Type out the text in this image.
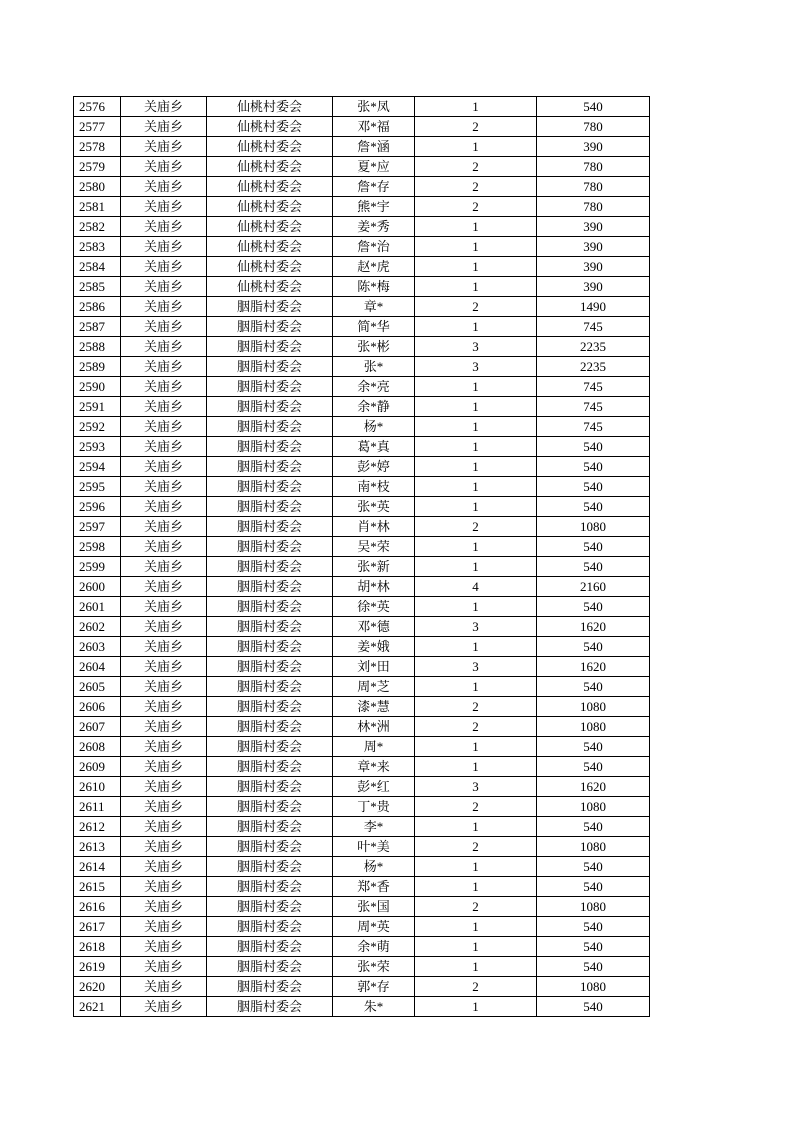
2576	关庙乡	仙桃村委会	张*凤	1	540
2577	关庙乡	仙桃村委会	邓*福	2	780
2578	关庙乡	仙桃村委会	詹*涵	1	390
2579	关庙乡	仙桃村委会	夏*应	2	780
2580	关庙乡	仙桃村委会	詹*存	2	780
2581	关庙乡	仙桃村委会	熊*宇	2	780
2582	关庙乡	仙桃村委会	姜*秀	1	390
2583	关庙乡	仙桃村委会	詹*治	1	390
2584	关庙乡	仙桃村委会	赵*虎	1	390
2585	关庙乡	仙桃村委会	陈*梅	1	390
2586	关庙乡	胭脂村委会	章*	2	1490
2587	关庙乡	胭脂村委会	简*华	1	745
2588	关庙乡	胭脂村委会	张*彬	3	2235
2589	关庙乡	胭脂村委会	张*	3	2235
2590	关庙乡	胭脂村委会	余*亮	1	745
2591	关庙乡	胭脂村委会	余*静	1	745
2592	关庙乡	胭脂村委会	杨*	1	745
2593	关庙乡	胭脂村委会	葛*真	1	540
2594	关庙乡	胭脂村委会	彭*婷	1	540
2595	关庙乡	胭脂村委会	南*枝	1	540
2596	关庙乡	胭脂村委会	张*英	1	540
2597	关庙乡	胭脂村委会	肖*林	2	1080
2598	关庙乡	胭脂村委会	吴*荣	1	540
2599	关庙乡	胭脂村委会	张*新	1	540
2600	关庙乡	胭脂村委会	胡*林	4	2160
2601	关庙乡	胭脂村委会	徐*英	1	540
2602	关庙乡	胭脂村委会	邓*德	3	1620
2603	关庙乡	胭脂村委会	姜*娥	1	540
2604	关庙乡	胭脂村委会	刘*田	3	1620
2605	关庙乡	胭脂村委会	周*芝	1	540
2606	关庙乡	胭脂村委会	漆*慧	2	1080
2607	关庙乡	胭脂村委会	林*洲	2	1080
2608	关庙乡	胭脂村委会	周*	1	540
2609	关庙乡	胭脂村委会	章*来	1	540
2610	关庙乡	胭脂村委会	彭*红	3	1620
2611	关庙乡	胭脂村委会	丁*贵	2	1080
2612	关庙乡	胭脂村委会	李*	1	540
2613	关庙乡	胭脂村委会	叶*美	2	1080
2614	关庙乡	胭脂村委会	杨*	1	540
2615	关庙乡	胭脂村委会	郑*香	1	540
2616	关庙乡	胭脂村委会	张*国	2	1080
2617	关庙乡	胭脂村委会	周*英	1	540
2618	关庙乡	胭脂村委会	余*萌	1	540
2619	关庙乡	胭脂村委会	张*荣	1	540
2620	关庙乡	胭脂村委会	郭*存	2	1080
2621	关庙乡	胭脂村委会	朱*	1	540
